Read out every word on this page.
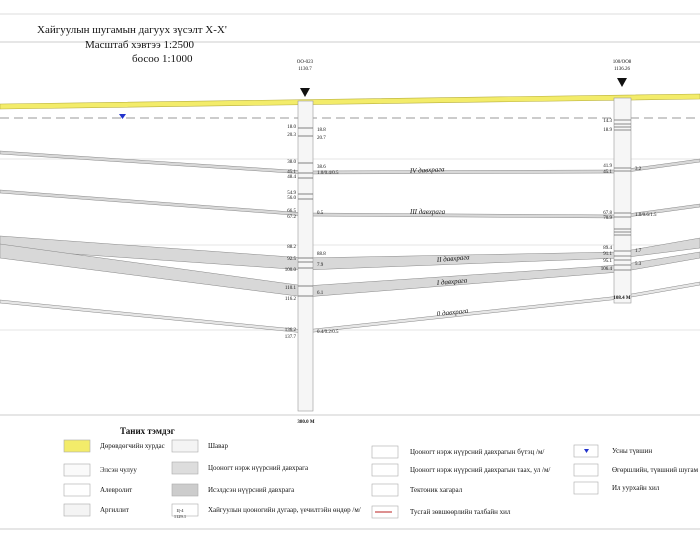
Хайгуулын шугамын дагуух зүсэлт X-X'
Масштаб хэвтээ 1:2500
босоо 1:1000
IV давхрага
III давхрага
II давхрага
I давхрага
0 давхрага
ОО-023
1130.7
380.0 М
18.0
20.3
38.0
45.1
48.4
54.9
56.0
66.5
67.2
88.2
92.5
100.0
110.1
116.2
136.2
137.7
18.8
20.7
38.6
1.0/0.4/0.5
0.5
88.8
7.9
6.1
0.4/0.2/0.5
100/ОО8
1136.26
108.4 М
14.3
18.9
41.9
45.1
67.8
70.9
89.4
91.1
95.1
106.4
3.2
1.0/0.6/1.5
1.7
5.3
Таних тэмдэг
Дөрөвдөгчийн хурдас
Элсэн чулуу
Алевролит
Аргиллит
Шавар
Цооногт нэрж нүүрсний давхрага
Исэлдсэн нүүрсний давхрага
Хайгуулын цооногийн дугаар, үечилтэйн өндөр /м/
Цооногт нэрж нүүрсний давхрагын бүтэц /м/
Цооногт нэрж нүүрсний давхрагын таах, ул /м/
Тектоник хагарал
Тусгай зөвшөөрлийн талбайн хил
Усны түвшин
Өгөршлийн, түвшний шугам
Ил уурхайн хил
Ц-4
1129.1
